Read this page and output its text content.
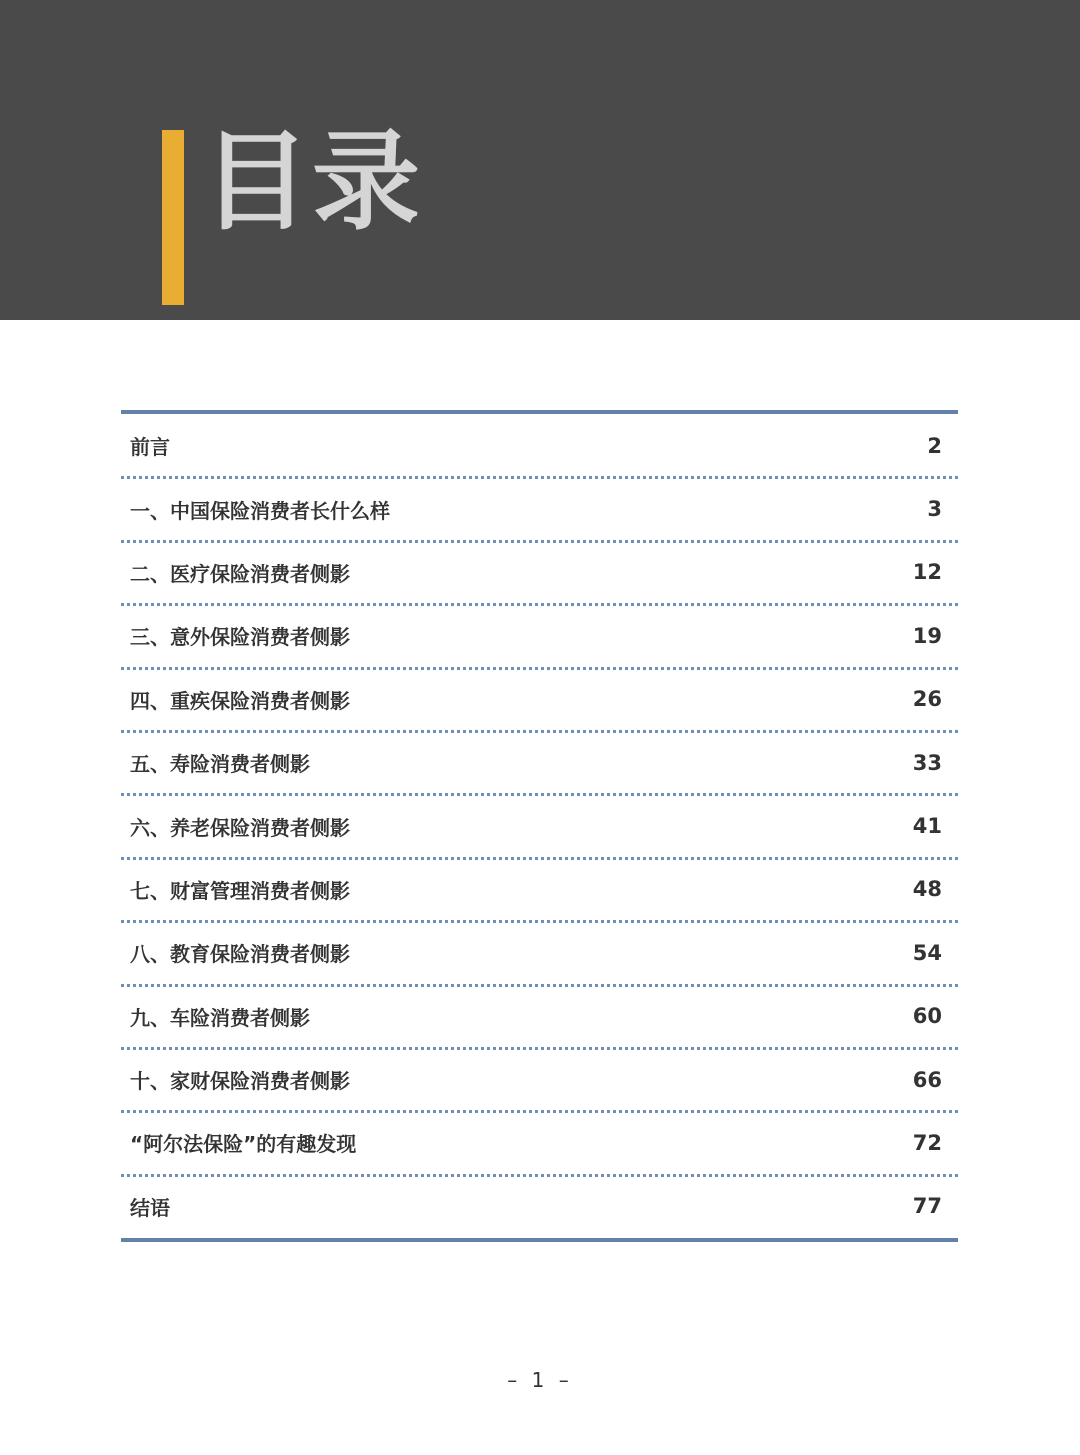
目录
前言	2
一、中国保险消费者长什么样	3
二、医疗保险消费者侧影	12
三、意外保险消费者侧影	19
四、重疾保险消费者侧影	26
五、寿险消费者侧影	33
六、养老保险消费者侧影	41
七、财富管理消费者侧影	48
八、教育保险消费者侧影	54
九、车险消费者侧影	60
十、家财保险消费者侧影	66
“阿尔法保险”的有趣发现	72
结语	77
– 1 –
